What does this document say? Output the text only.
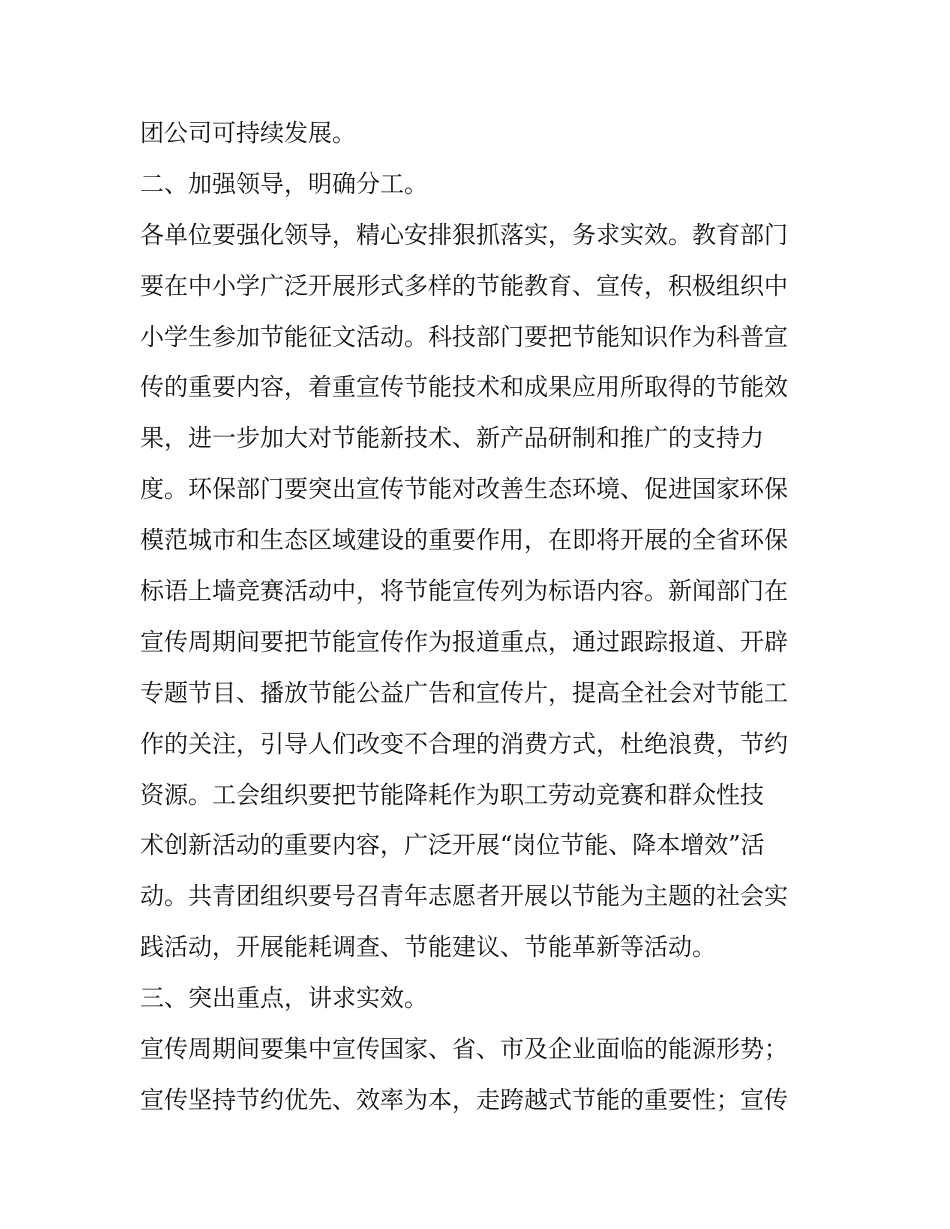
团公司可持续发展。
二、加强领导，明确分工。
各单位要强化领导，精心安排狠抓落实，务求实效。教育部门
要在中小学广泛开展形式多样的节能教育、宣传，积极组织中
小学生参加节能征文活动。科技部门要把节能知识作为科普宣
传的重要内容，着重宣传节能技术和成果应用所取得的节能效
果，进一步加大对节能新技术、新产品研制和推广的支持力
度。环保部门要突出宣传节能对改善生态环境、促进国家环保
模范城市和生态区域建设的重要作用，在即将开展的全省环保
标语上墙竞赛活动中，将节能宣传列为标语内容。新闻部门在
宣传周期间要把节能宣传作为报道重点，通过跟踪报道、开辟
专题节目、播放节能公益广告和宣传片，提高全社会对节能工
作的关注，引导人们改变不合理的消费方式，杜绝浪费，节约
资源。工会组织要把节能降耗作为职工劳动竞赛和群众性技
术创新活动的重要内容，广泛开展“岗位节能、降本增效”活
动。共青团组织要号召青年志愿者开展以节能为主题的社会实
践活动，开展能耗调查、节能建议、节能革新等活动。
三、突出重点，讲求实效。
宣传周期间要集中宣传国家、省、市及企业面临的能源形势；
宣传坚持节约优先、效率为本，走跨越式节能的重要性；宣传
